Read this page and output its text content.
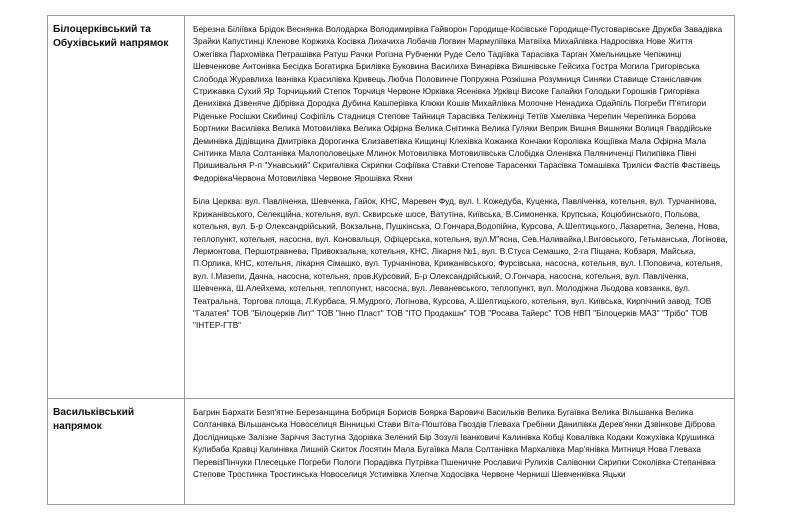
Білоцерківський та Обухівський напрямок	Березна Біліївка Брідок Веснянка Володарка Володимирівка Гайворон Городище-Косівське Городище-Пустоварівське Дружба Завадівка Зрайки Капустинці Кленове Коржиха Косівка Лихачиха Лобачів Логвин Мармуліївка Матвіїха Михайлівка Надросівка Нове Життя Ожегівка Пархомівка Петрашівка Ратуш Рачки Рогізна Рубченки Руде Село Тадіївка Тарасівка Тарган Хмельницьке Чепіжинці Шевченкове Антонівка Бесідка Богатирка Брилівка Буковина Василиха Винарівка Вишнівське Гейсиха Гостра Могила Григорівська Слобода Журавлиха Іванівка Красилівка Кривець Любча Половинче Попружна Розкішна Розумниця Синяки Ставище Станіславчик Стрижавка Сухий Яр Торчицький Степок Торчиця Червоне Юрківка Ясенівка Урківці Високе Галайки Голодьки Горошків Григорівка Денихівка Дзвеняче Дібрівка Дородка Дубина Кашперівка Клюки Кошів Михайлівка Молочне Ненадиха Одайпіль Погреби П'ятигори Ріденьке Росішки Скибинці Софіпіль Стадниця Степове Тайниця Тарасівка Теліжинці Тетіїв Хмелівка Черепин Черепинка Борова Бортники Василівка Велика Мотовилівка Велика Офірна Велика Снітинка Велика Гуляки Веприк Вишня Вишняки Волиця Гвардійське Деминівка Дідівщина Дмитрівка Дорогинка Єлизаветівка Кищинці Клехівка Кожанка Кончаки Королівка Кощіївка Мала Офірна Мала Снітинка Мала Солтанівка Малополовецьке Млинок Мотовилівка Мотовилівська Слобідка Оленівка Паляниченці Пилипівка Півні Пришивальня Р-п "Унавський" Скригалівка Скрипки Софіївка Ставки Степове Тарасенки Тарасівка Томашівка Триліси Фастів Фастівець ФедорівкаЧервона Мотовилівка Червоне Ярошівка Яхни

Біла Церква: вул. Павліченка, Шевченка, Гайок, КНС, Маревен Фуд, вул. І. Кожедуба, Куценка, Павліченка, котельня, вул. Турчанінова, Крижанівського, Селекційна, котельня, вул. Сквирське шосе, Ватутіна, Київська, В.Симоненка, Крупська, Коцюбинського, Польова, котельня, вул. Б-р Олександрійський, Вокзальна, Пушкінська, О.Гончара,Водопійна, Курсова, А.Шептицького, Лазаретна, Зелена, Нова, теплопункт, котельня, насосна, вул. Коновальця, Офіцерська, котельня, вул.М"ясна, Сев.Наливайка,І.Виговського, Гетьманська, Логінова, Лермонтова, Першотравнева, Привокзальна, котельня, КНС, Лікарня №1, вул. В.Стуса Семашко, 2-га Піщана, Кобзаря, Майська, П.Орлика, КНС, котельня, лікарня Сімашко, вул. Турчанінова, Крижанівського, Фурсівська, насосна, котельня, вул. І.Поповича, котельня, вул. І.Мазепи, Дачна, насосна, котельня, пров.Курсовий, Б-р Олександрійський, О.Гончара, насосна, котельня, вул. Павліченка, Шевченка, Ш.Алейхема, котельня, теплопункт, насосна, вул. Леваневського, теплопункт, вул. Молодіжна Льодова ковзанка, вул. Театральна, Торгова площа, Л.Курбаса, Я.Мудрого, Логінова, Курсова, А.Шептицького, котельня, вул. Київська, Кирпічний завод, ТОВ "Галатея" ТОВ "Білоцерків Лит" ТОВ "Інно Пласт" ТОВ "ІТО Продакшн" ТОВ "Росава Тайерс" ТОВ НВП "Білоцерків МАЗ" "Трібо" ТОВ "ІНТЕР-ГТВ"

Васильківський напрямок	Багрин Бархати Безп'ятне Березанщина Бобриця Борисів Боярка Варовичі Васильків Велика Бугаївка Велика Вільшанка Велика Солтанівка Вільшанська Новоселиця Вінницькі Стави Віта-Поштова Гвоздів Глеваха Гребінки Данилівка Дерев'янки Дзвінкове Діброва Дослідницьке Залізне Заріччя Застугна Здорівка Зелений Бір Зозулі Іванковичі Калинівка Кобці Ковалівка Кодаки Кожухівка Крушинка Кулибаба Кравці Калинівка Лишній Скиток Лосятин Мала Бугаївка Мала Солтанівка Мархалівка Мар'янівка Митниця Нова Глеваха ПеревізПінчуки Плесецьке Погреби Пологи Порадівка Путрівка Пшеничне Рославичі Рулихів Салівонки Скрипки Соколівка Степанівка Степове Тростинка Тростинська Новоселиця Устимівка Хлепча Ходосівка Червоне Черниші Шевченківка Яцьки
